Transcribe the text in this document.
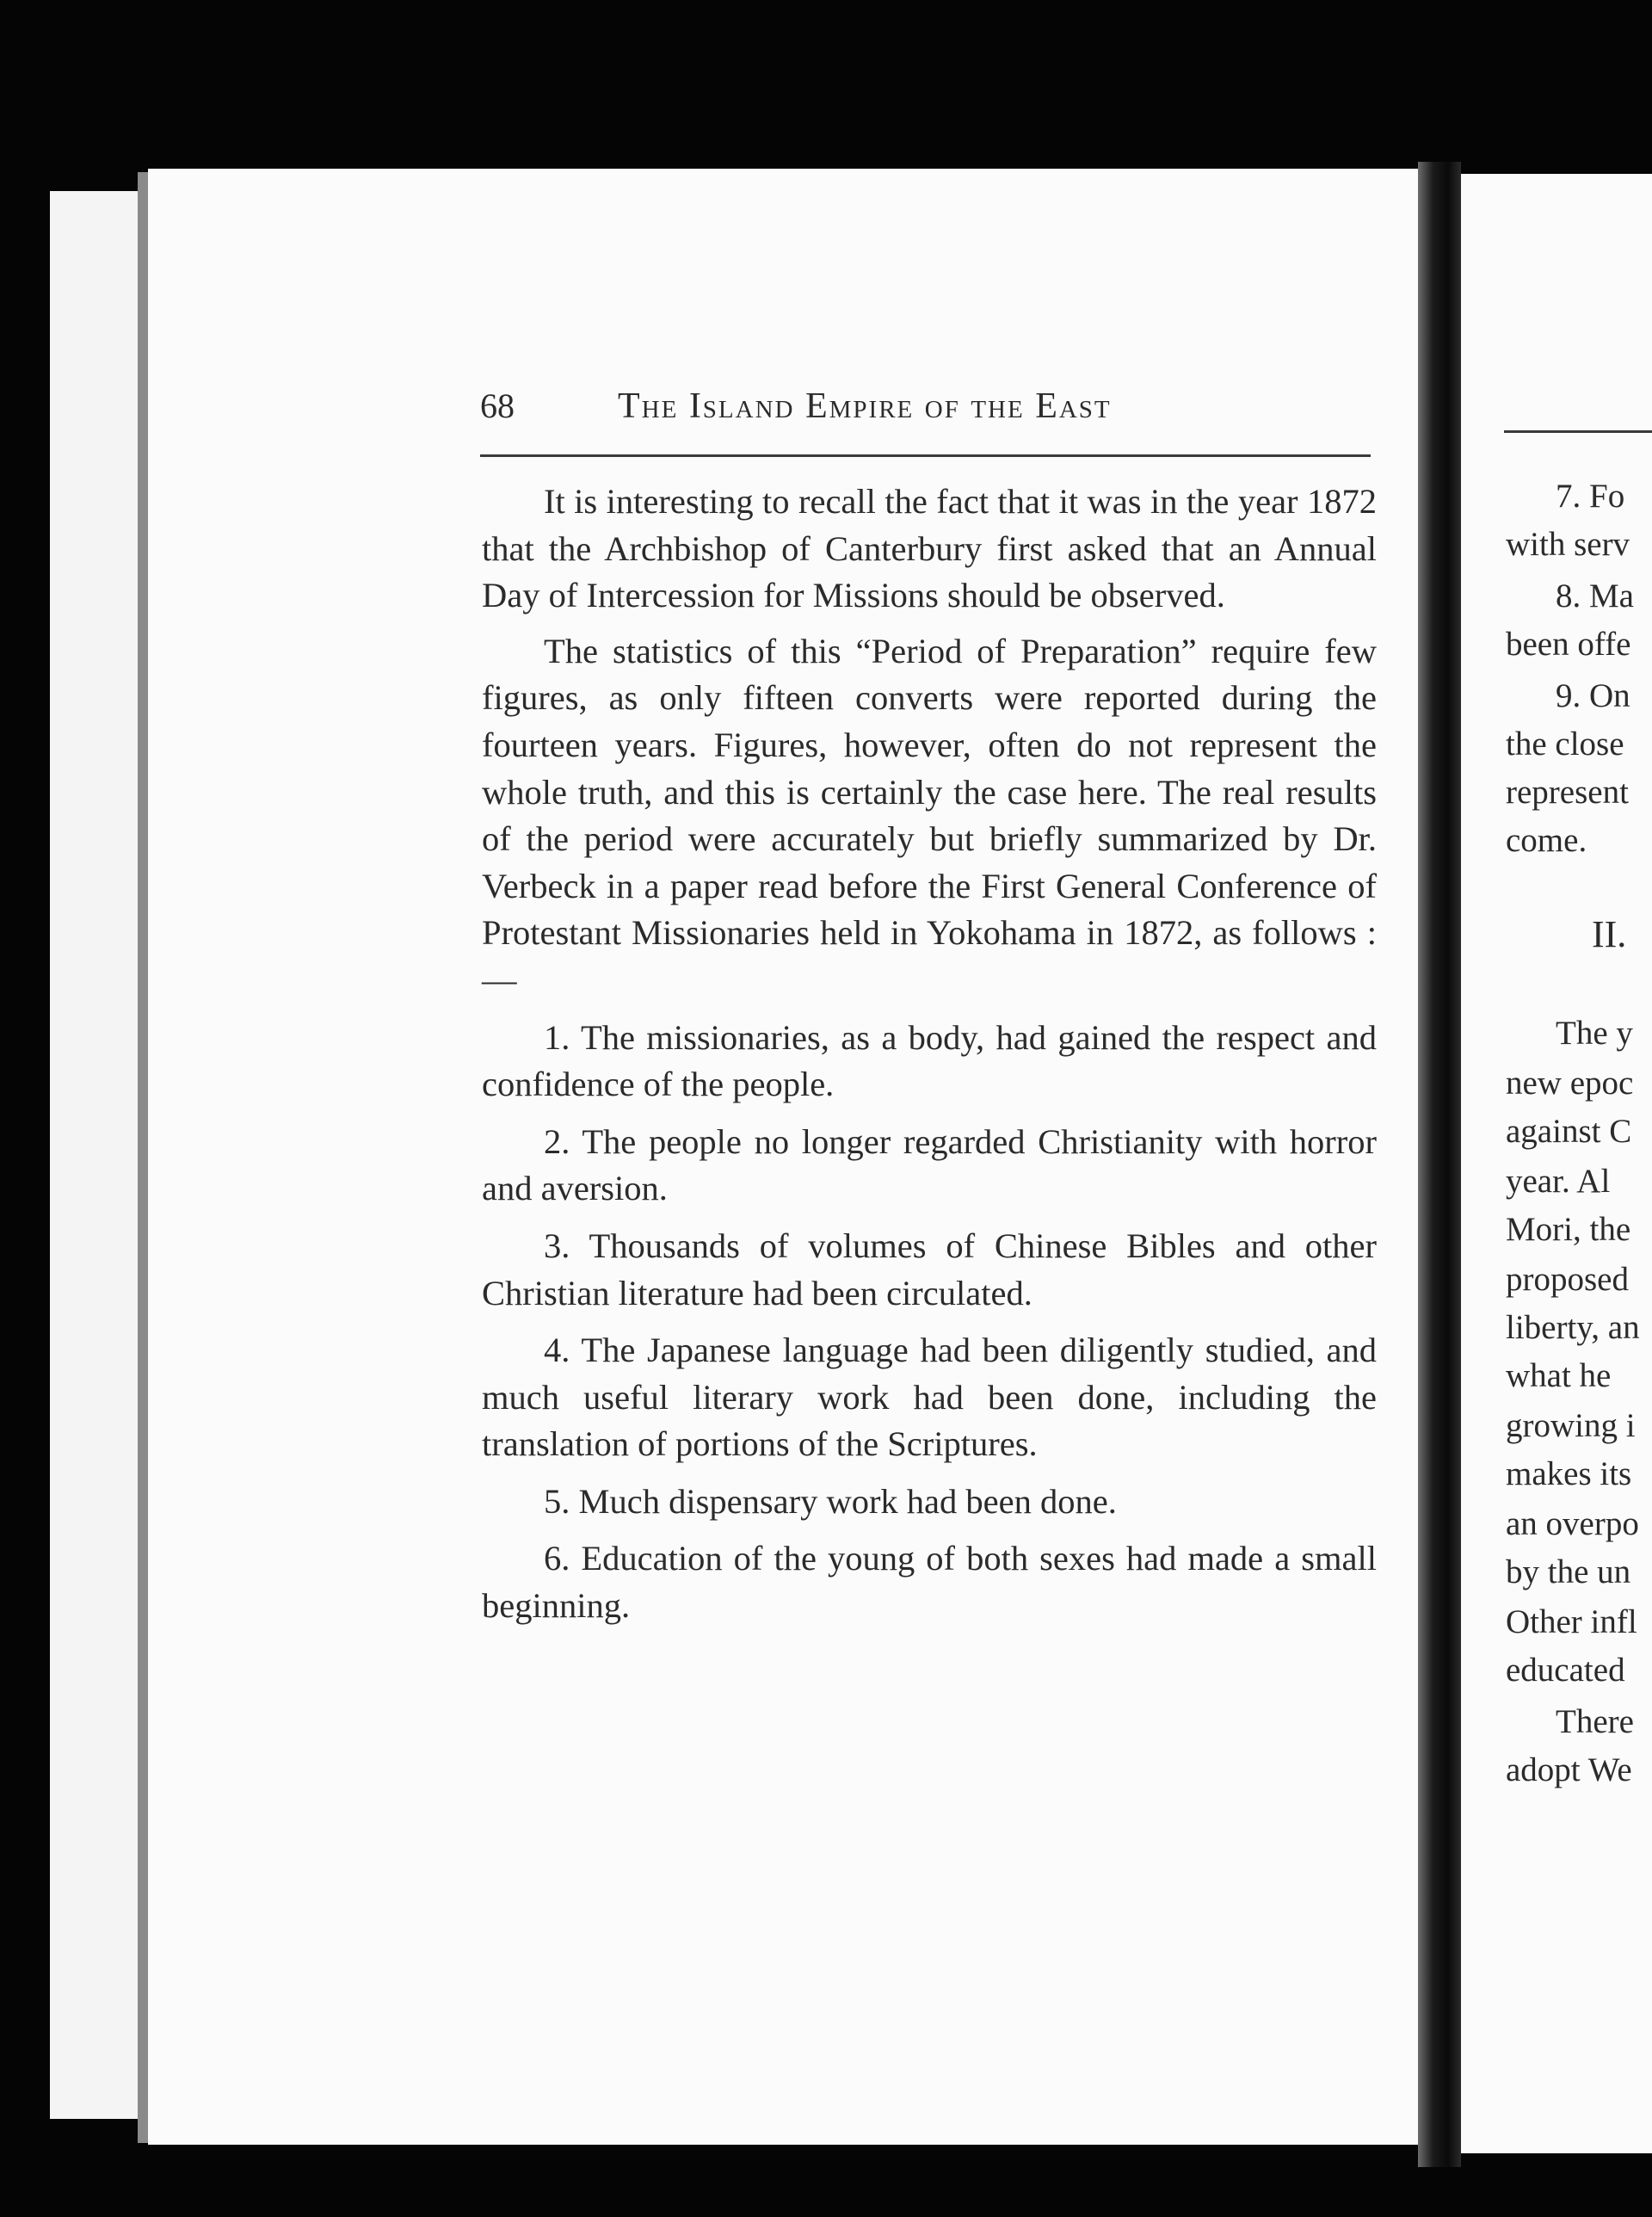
68	The Island Empire of the East

It is interesting to recall the fact that it was in the year 1872 that the Archbishop of Canterbury first asked that an Annual Day of Intercession for Missions should be observed.

The statistics of this “Period of Preparation” require few figures, as only fifteen converts were reported during the fourteen years. Figures, however, often do not represent the whole truth, and this is certainly the case here. The real results of the period were accurately but briefly summarized by Dr. Verbeck in a paper read before the First General Conference of Protestant Missionaries held in Yokohama in 1872, as follows :—

1. The missionaries, as a body, had gained the respect and confidence of the people.

2. The people no longer regarded Christianity with horror and aversion.

3. Thousands of volumes of Chinese Bibles and other Christian literature had been circulated.

4. The Japanese language had been diligently studied, and much useful literary work had been done, including the translation of portions of the Scriptures.

5. Much dispensary work had been done.

6. Education of the young of both sexes had made a small beginning.

7. Fo
with serv
8. Ma
been offe
9. On
the close
represent
come.
II.
The y
new epoc
against C
year. Al
Mori, the
proposed
liberty, an
what he
growing i
makes its
an overpo
by the un
Other infl
educated
There
adopt We
